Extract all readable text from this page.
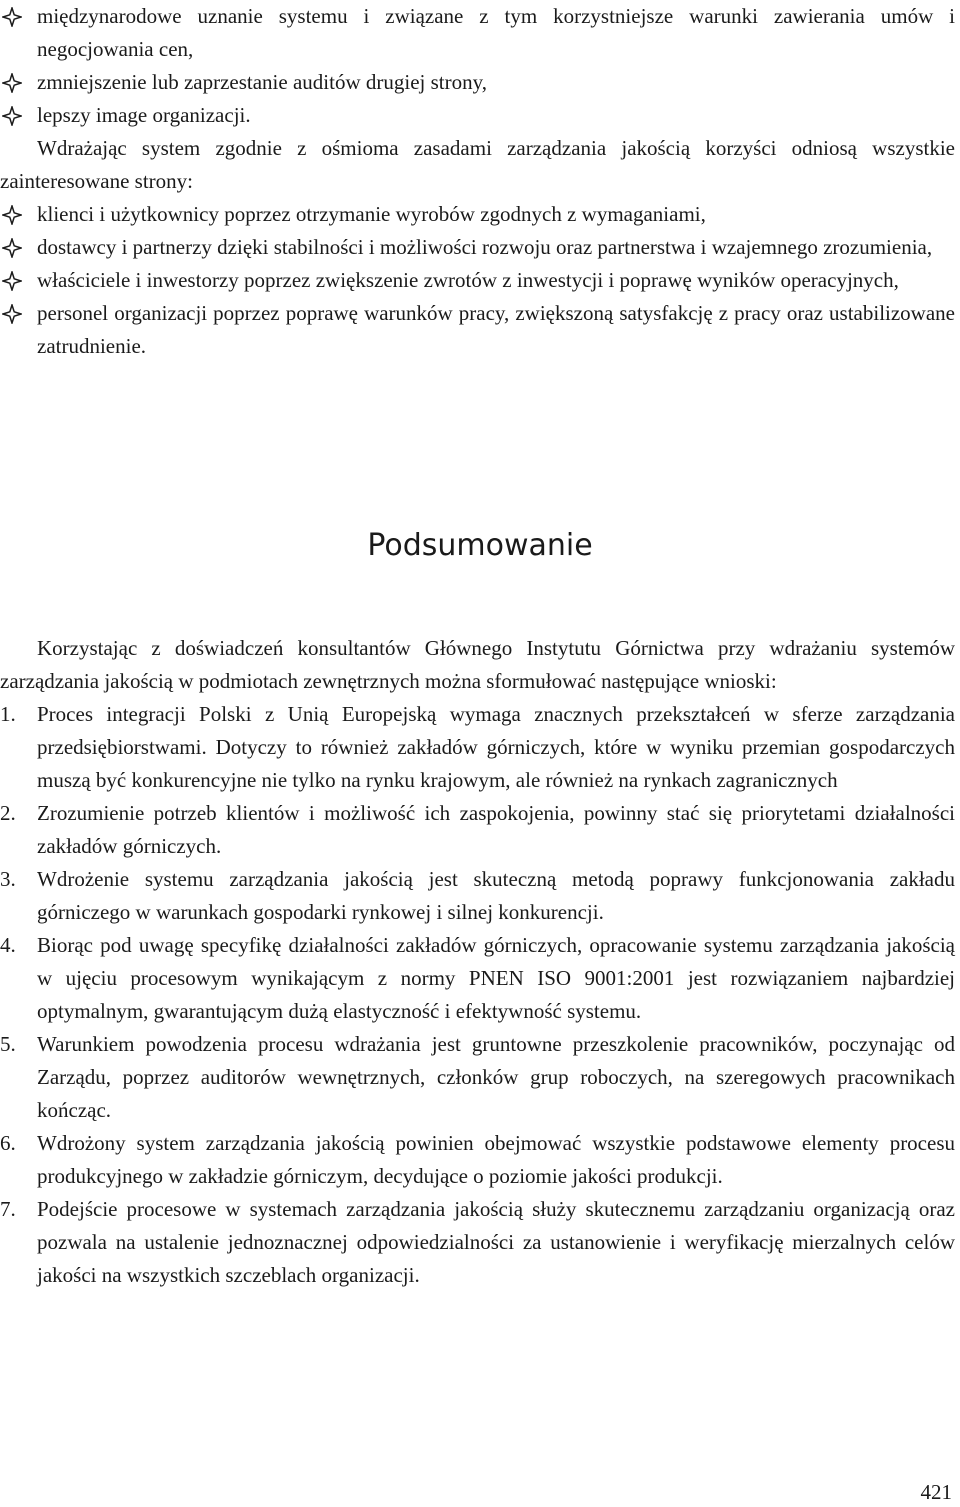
międzynarodowe uznanie systemu i związane z tym korzystniejsze warunki zawierania umów i negocjowania cen,
zmniejszenie lub zaprzestanie auditów drugiej strony,
lepszy image organizacji.
Wdrażając system zgodnie z ośmioma zasadami zarządzania jakością korzyści odniosą wszystkie zainteresowane strony:
klienci i użytkownicy poprzez otrzymanie wyrobów zgodnych z wymaganiami,
dostawcy i partnerzy dzięki stabilności i możliwości rozwoju oraz partnerstwa i wzajemnego zrozumienia,
właściciele i inwestorzy poprzez zwiększenie zwrotów z inwestycji i poprawę wyników operacyjnych,
personel organizacji poprzez poprawę warunków pracy, zwiększoną satysfakcję z pracy oraz ustabilizowane zatrudnienie.
Podsumowanie
Korzystając z doświadczeń konsultantów Głównego Instytutu Górnictwa przy wdrażaniu systemów zarządzania jakością w podmiotach zewnętrznych można sformułować następujące wnioski:
1. Proces integracji Polski z Unią Europejską wymaga znacznych przekształceń w sferze zarządzania przedsiębiorstwami. Dotyczy to również zakładów górniczych, które w wyniku przemian gospodarczych muszą być konkurencyjne nie tylko na rynku krajowym, ale również na rynkach zagranicznych
2. Zrozumienie potrzeb klientów i możliwość ich zaspokojenia, powinny stać się priorytetami działalności zakładów górniczych.
3. Wdrożenie systemu zarządzania jakością jest skuteczną metodą poprawy funkcjonowania zakładu górniczego w warunkach gospodarki rynkowej i silnej konkurencji.
4. Biorąc pod uwagę specyfikę działalności zakładów górniczych, opracowanie systemu zarządzania jakością w ujęciu procesowym wynikającym z normy PNEN ISO 9001:2001 jest rozwiązaniem najbardziej optymalnym, gwarantującym dużą elastyczność i efektywność systemu.
5. Warunkiem powodzenia procesu wdrażania jest gruntowne przeszkolenie pracowników, poczynając od Zarządu, poprzez auditorów wewnętrznych, członków grup roboczych, na szeregowych pracownikach kończąc.
6. Wdrożony system zarządzania jakością powinien obejmować wszystkie podstawowe elementy procesu produkcyjnego w zakładzie górniczym, decydujące o poziomie jakości produkcji.
7. Podejście procesowe w systemach zarządzania jakością służy skutecznemu zarządzaniu organizacją oraz pozwala na ustalenie jednoznacznej odpowiedzialności za ustanowienie i weryfikację mierzalnych celów jakości na wszystkich szczeblach organizacji.
421
